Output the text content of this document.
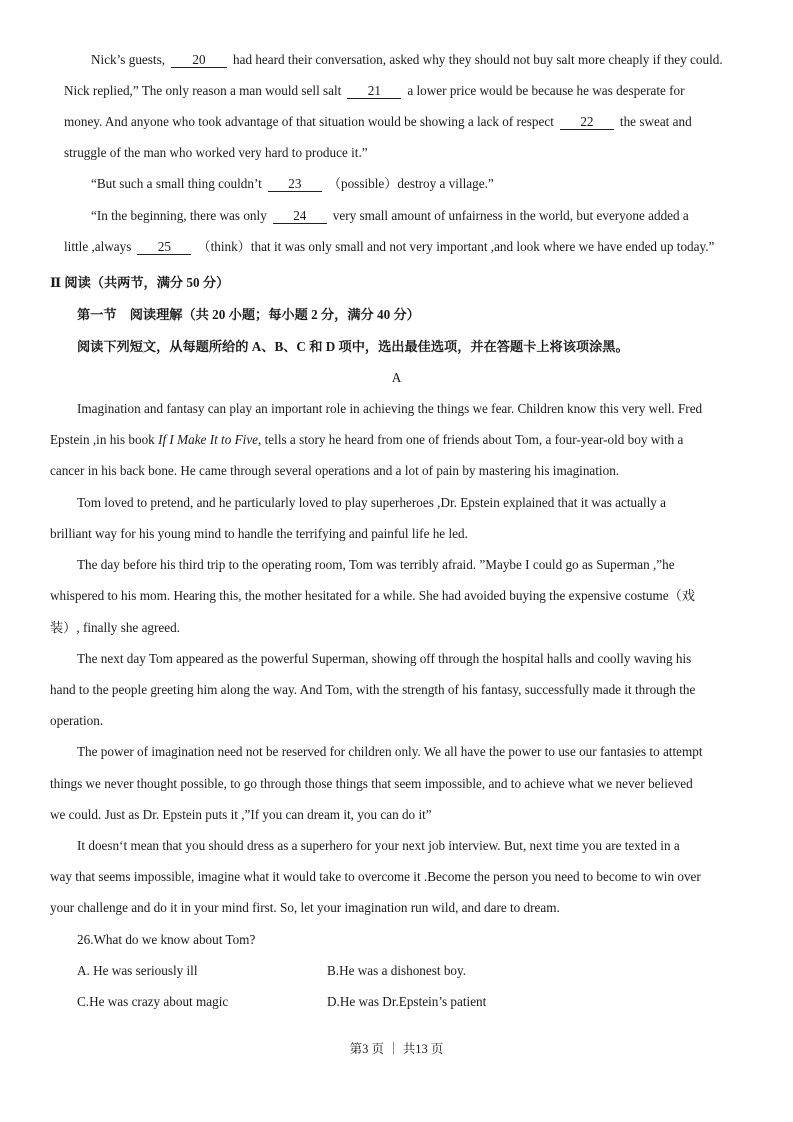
Nick’s guests, 20 had heard their conversation, asked why they should not buy salt more cheaply if they could.
Nick replied,” The only reason a man would sell salt 21 a lower price would be because he was desperate for
money. And anyone who took advantage of that situation would be showing a lack of respect 22 the sweat and
struggle of the man who worked very hard to produce it.”
“But such a small thing couldn’t 23 （possible）destroy a village.”
“In the beginning, there was only 24 very small amount of unfairness in the world, but everyone added a
little ,always 25 （think）that it was only small and not very important ,and look where we have ended up today.”
Ⅱ 阅读（共两节，满分 50 分）
第一节　阅读理解（共 20 小题；每小题 2 分，满分 40 分）
阅读下列短文，从每题所给的 A、B、C 和 D 项中，选出最佳选项，并在答题卡上将该项涂黑。
A
Imagination and fantasy can play an important role in achieving the things we fear. Children know this very well. Fred
Epstein ,in his book If I Make It to Five, tells a story he heard from one of friends about Tom, a four-year-old boy with a
cancer in his back bone. He came through several operations and a lot of pain by mastering his imagination.
Tom loved to pretend, and he particularly loved to play superheroes ,Dr. Epstein explained that it was actually a
brilliant way for his young mind to handle the terrifying and painful life he led.
The day before his third trip to the operating room, Tom was terribly afraid. ”Maybe I could go as Superman ,”he
whispered to his mom. Hearing this, the mother hesitated for a while. She had avoided buying the expensive costume（戏
装）, finally she agreed.
The next day Tom appeared as the powerful Superman, showing off through the hospital halls and coolly waving his
hand to the people greeting him along the way. And Tom, with the strength of his fantasy, successfully made it through the
operation.
The power of imagination need not be reserved for children only. We all have the power to use our fantasies to attempt
things we never thought possible, to go through those things that seem impossible, and to achieve what we never believed
we could. Just as Dr. Epstein puts it ,”If you can dream it, you can do it”
It doesn‘t mean that you should dress as a superhero for your next job interview. But, next time you are texted in a
way that seems impossible, imagine what it would take to overcome it .Become the person you need to become to win over
your challenge and do it in your mind first. So, let your imagination run wild, and dare to dream.
26.What do we know about Tom?
A. He was seriously ill	B.He was a dishonest boy.
C.He was crazy about magic	D.He was Dr.Epstein’s patient
第3 页 ｜ 共13 页
